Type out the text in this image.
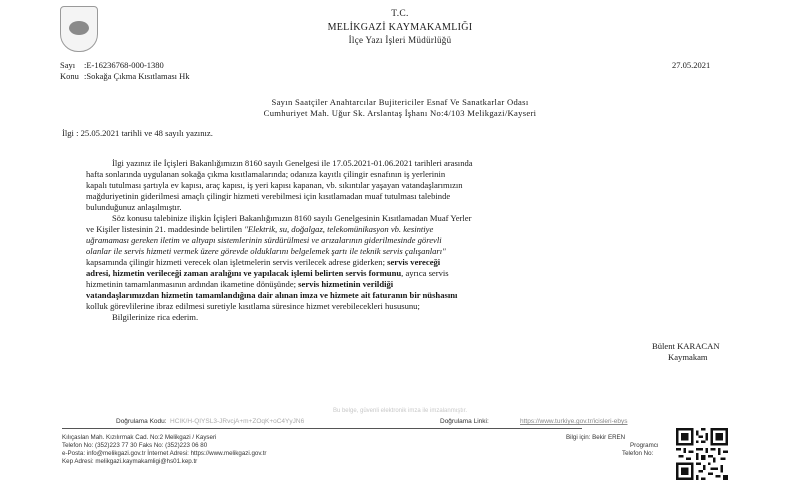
T.C.
MELİKGAZİ KAYMAKAMLIĞI
İlçe Yazı İşleri Müdürlüğü
Sayı :E-16236768-000-1380
Konu :Sokağa Çıkma Kısıtlaması Hk
27.05.2021
Sayın Saatçiler Anahtarcılar Bujitericiler Esnaf Ve Sanatkarlar Odası
Cumhuriyet Mah. Uğur Sk. Arslantaş İşhanı No:4/103 Melikgazi/Kayseri
İlgi : 25.05.2021 tarihli ve 48 sayılı yazınız.
İlgi yazınız ile İçişleri Bakanlığımızın 8160 sayılı Genelgesi ile 17.05.2021-01.06.2021 tarihleri arasında
hafta sonlarında uygulanan sokağa çıkma kısıtlamalarında; odanıza kayıtlı çilingir esnafının iş yerlerinin
kapalı tutulması şartıyla ev kapısı, araç kapısı, iş yeri kapısı kapanan, vb. sıkıntılar yaşayan vatandaşlarımızın
mağduriyetinin giderilmesi amaçlı çilingir hizmeti verebilmesi için kısıtlamadan muaf tutulması talebinde
bulunduğunuz anlaşılmıştır.
Söz konusu talebinize ilişkin İçişleri Bakanlığımızın 8160 sayılı Genelgesinin Kısıtlamadan Muaf Yerler
ve Kişiler listesinin 21. maddesinde belirtilen "Elektrik, su, doğalgaz, telekomünikasyon vb. kesintiye
uğramaması gereken iletim ve altyapı sistemlerinin sürdürülmesi ve arızalarının giderilmesinde görevli
olanlar ile servis hizmeti vermek üzere görevde olduklarını belgelemek şartı ile teknik servis çalışanları"
kapsamında çilingir hizmeti verecek olan işletmelerin servis verilecek adrese giderken; servis vereceği
adresi, hizmetin verileceği zaman aralığını ve yapılacak işlemi belirten servis formunu, ayrıca servis
hizmetinin tamamlanmasının ardından ikametine dönüşünde; servis hizmetinin verildiği
vatandaşlarımızdan hizmetin tamamlandığına dair alınan imza ve hizmete ait faturanın bir nüshasını
kolluk görevlilerine ibraz edilmesi suretiyle kısıtlama süresince hizmet verebilecekleri hususunu;
Bilgilerinize rica ederim.
Bülent KARACAN
Kaymakam
Bu belge, güvenli elektronik imza ile imzalanmıştır.
Doğrulama Kodu: HCIK/H-QIYSL3-JRvcjA+m+ZOqK+oC4YyJN6	Doğrulama Linki:	https://www.turkiye.gov.tr/icisleri-ebys
Kılıçaslan Mah. Kızılırmak Cad. No:2 Melikgazi / Kayseri
Telefon No: (352)223 77 30 Faks No: (352)223 06 80
e-Posta: info@melikgazi.gov.tr İnternet Adresi: https://www.melikgazi.gov.tr
Kep Adresi: melikgazi.kaymakamligi@hs01.kep.tr
Bilgi için: Bekir EREN
Programcı
Telefon No:
